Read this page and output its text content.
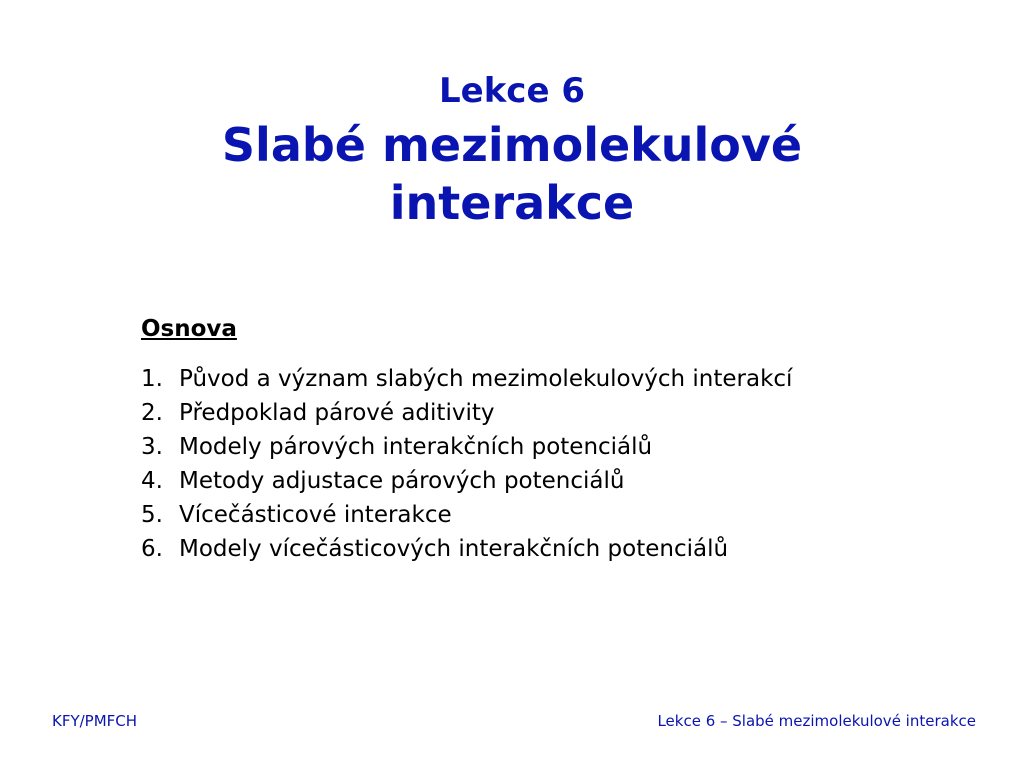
Lekce 6
Slabé mezimolekulové
interakce
Osnova
1. Původ a význam slabých mezimolekulových interakcí
2. Předpoklad párové aditivity
3. Modely párových interakčních potenciálů
4. Metody adjustace párových potenciálů
5. Vícečásticové interakce
6. Modely vícečásticových interakčních potenciálů
KFY/PMFCH	Lekce 6 – Slabé mezimolekulové interakce
